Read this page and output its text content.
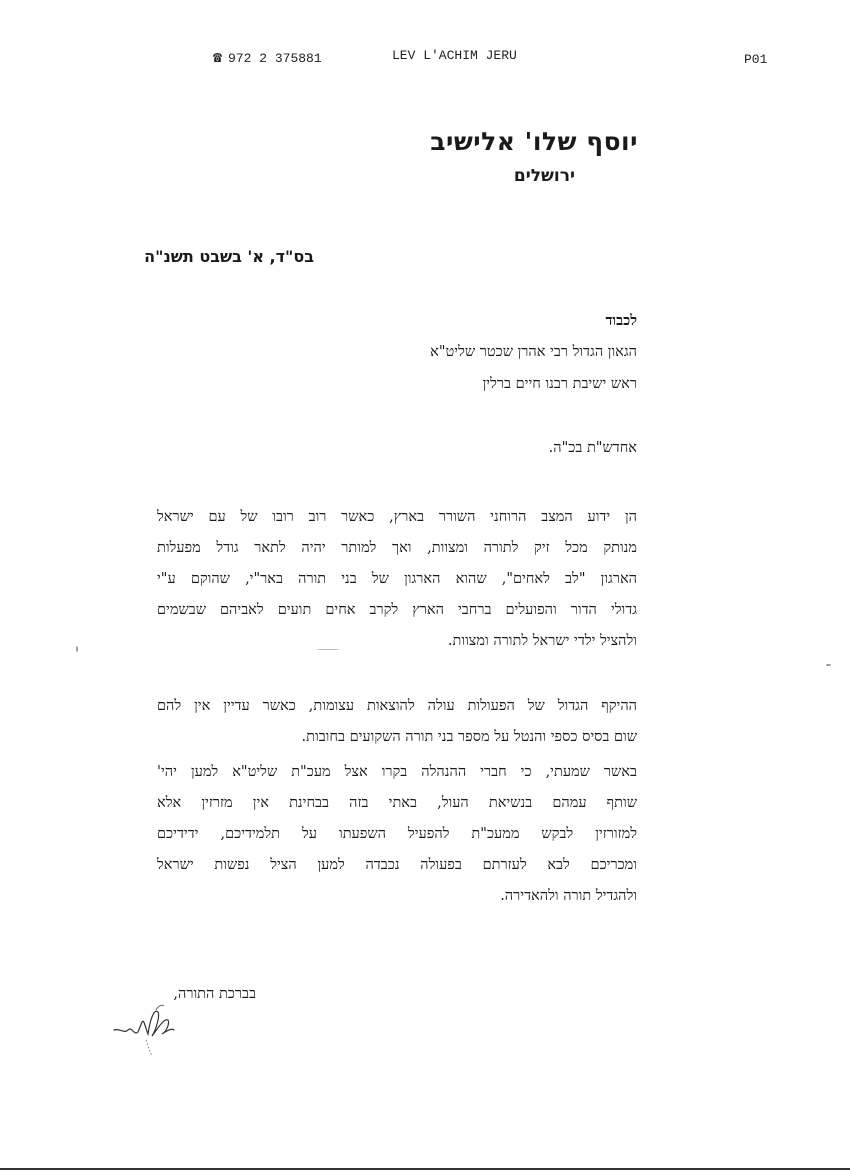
☎ 972 2 375881	LEV L'ACHIM JERU	P01
יוסף שלו' אלישיב
ירושלים
בס"ד, א' בשבט תשנ"ה
לכבוד
הגאון הגדול רבי אהרן שכטר שליט"א
ראש ישיבת רבנו חיים ברלין
אחדש"ת בכ"ה.
הן ידוע המצב הרוחני השורר בארץ, כאשר רוב רובו של עם ישראל
מנותק מכל זיק לתורה ומצוות, ואך למותר יהיה לתאר גודל מפעלות
הארגון "לב לאחים", שהוא הארגון של בני תורה באר"י, שהוקם ע"י
גדולי הדור והפועלים ברחבי הארץ לקרב אחים תועים לאביהם שבשמים
ולהציל ילדי ישראל לתורה ומצוות.
ההיקף הגדול של הפעולות עולה להוצאות עצומות, כאשר עדיין אין להם
שום בסיס כספי והנטל על מספר בני תורה השקועים בחובות.
באשר שמעתי, כי חברי ההנהלה בקרו אצל מעכ"ת שליט"א למען יהי'
שותף עמהם בנשיאת העול, באתי בזה בבחינת אין מזרזין אלא
למזורזין לבקש ממעכ"ת להפעיל השפעתו על תלמידיכם, ידידיכם
ומכריכם לבא לעזרתם בפעולה נכבדה למען הציל נפשות ישראל
ולהגדיל תורה ולהאדירה.
בברכת התורה,
